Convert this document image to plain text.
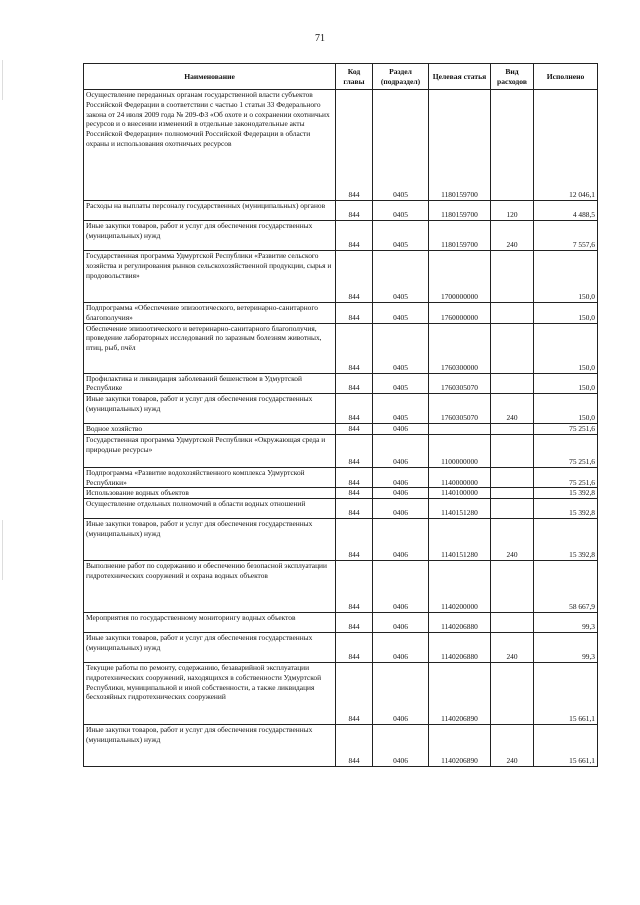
71
Наименование	Код главы	Раздел (подраздел)	Целевая статья	Вид расходов	Исполнено
Осуществление переданных органам государственной власти субъектов Российской Федерации в соответствии с частью 1 статьи 33 Федерального закона от 24 июля 2009 года № 209-ФЗ «Об охоте и о сохранении охотничьих ресурсов и о внесении изменений в отдельные законодательные акты Российской Федерации» полномочий Российской Федерации в области охраны и использования охотничьих ресурсов	844	0405	1180159700		12 046,1
Расходы на выплаты персоналу государственных (муниципальных) органов	844	0405	1180159700	120	4 488,5
Иные закупки товаров, работ и услуг для обеспечения государственных (муниципальных) нужд	844	0405	1180159700	240	7 557,6
Государственная программа Удмуртской Республики «Развитие сельского хозяйства и регулирования рынков сельскохозяйственной продукции, сырья и продовольствия»	844	0405	1700000000		150,0
Подпрограмма «Обеспечение эпизоотического, ветеринарно-санитарного благополучия»	844	0405	1760000000		150,0
Обеспечение эпизоотического и ветеринарно-санитарного благополучия, проведение лабораторных исследований по заразным болезням животных, птиц, рыб, пчёл	844	0405	1760300000		150,0
Профилактика и ликвидация заболеваний бешенством в Удмуртской Республике	844	0405	1760305070		150,0
Иные закупки товаров, работ и услуг для обеспечения государственных (муниципальных) нужд	844	0405	1760305070	240	150,0
Водное хозяйство	844	0406			75 251,6
Государственная программа Удмуртской Республики «Окружающая среда и природные ресурсы»	844	0406	1100000000		75 251,6
Подпрограмма «Развитие водохозяйственного комплекса Удмуртской Республики»	844	0406	1140000000		75 251,6
Использование водных объектов	844	0406	1140100000		15 392,8
Осуществление отдельных полномочий в области водных отношений	844	0406	1140151280		15 392,8
Иные закупки товаров, работ и услуг для обеспечения государственных (муниципальных) нужд	844	0406	1140151280	240	15 392,8
Выполнение работ по содержанию и обеспечению безопасной эксплуатации гидротехнических сооружений и охрана водных объектов	844	0406	1140200000		58 667,9
Мероприятия по государственному мониторингу водных объектов	844	0406	1140206880		99,3
Иные закупки товаров, работ и услуг для обеспечения государственных (муниципальных) нужд	844	0406	1140206880	240	99,3
Текущие работы по ремонту, содержанию, безаварийной эксплуатации гидротехнических сооружений, находящихся в собственности Удмуртской Республики, муниципальной и иной собственности, а также ликвидация бесхозяйных гидротехнических сооружений	844	0406	1140206890		15 661,1
Иные закупки товаров, работ и услуг для обеспечения государственных (муниципальных) нужд	844	0406	1140206890	240	15 661,1
